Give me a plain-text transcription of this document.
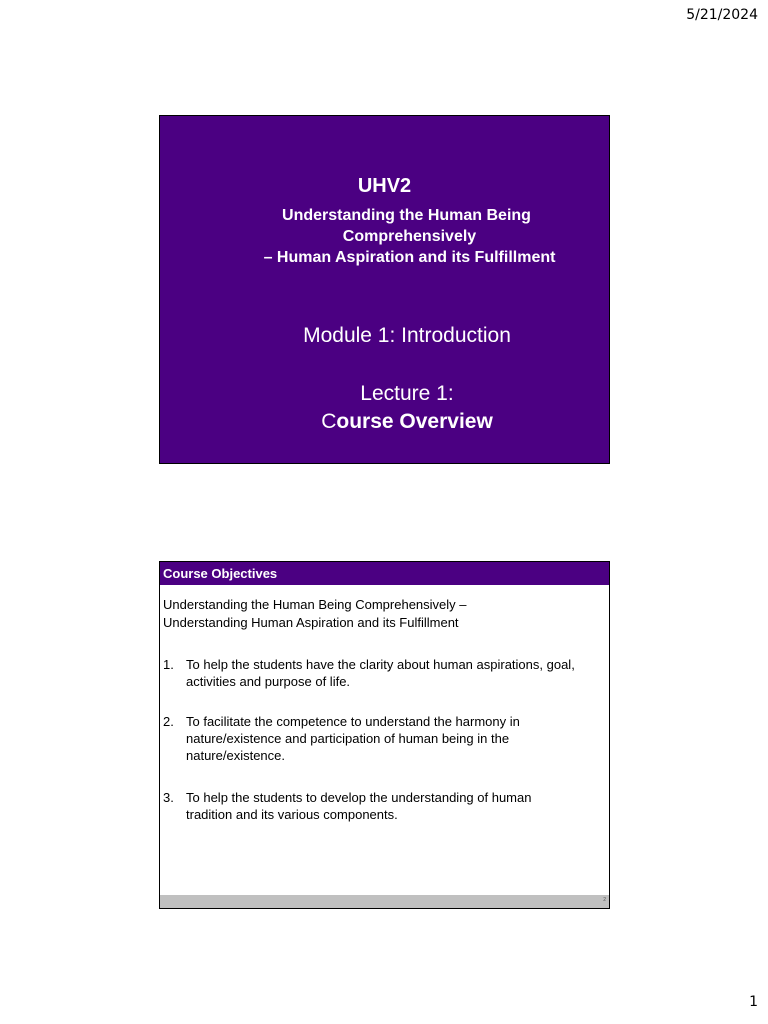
5/21/2024
UHV2
Understanding the Human Being
Comprehensively
– Human Aspiration and its Fulfillment
Module 1: Introduction
Lecture 1:
Course Overview
Course Objectives
Understanding the Human Being Comprehensively –
Understanding Human Aspiration and its Fulfillment
1. To help the students have the clarity about human aspirations, goal,
activities and purpose of life.
2. To facilitate the competence to understand the harmony in
nature/existence and participation of human being in the
nature/existence.
3. To help the students to develop the understanding of human
tradition and its various components.
2
1
